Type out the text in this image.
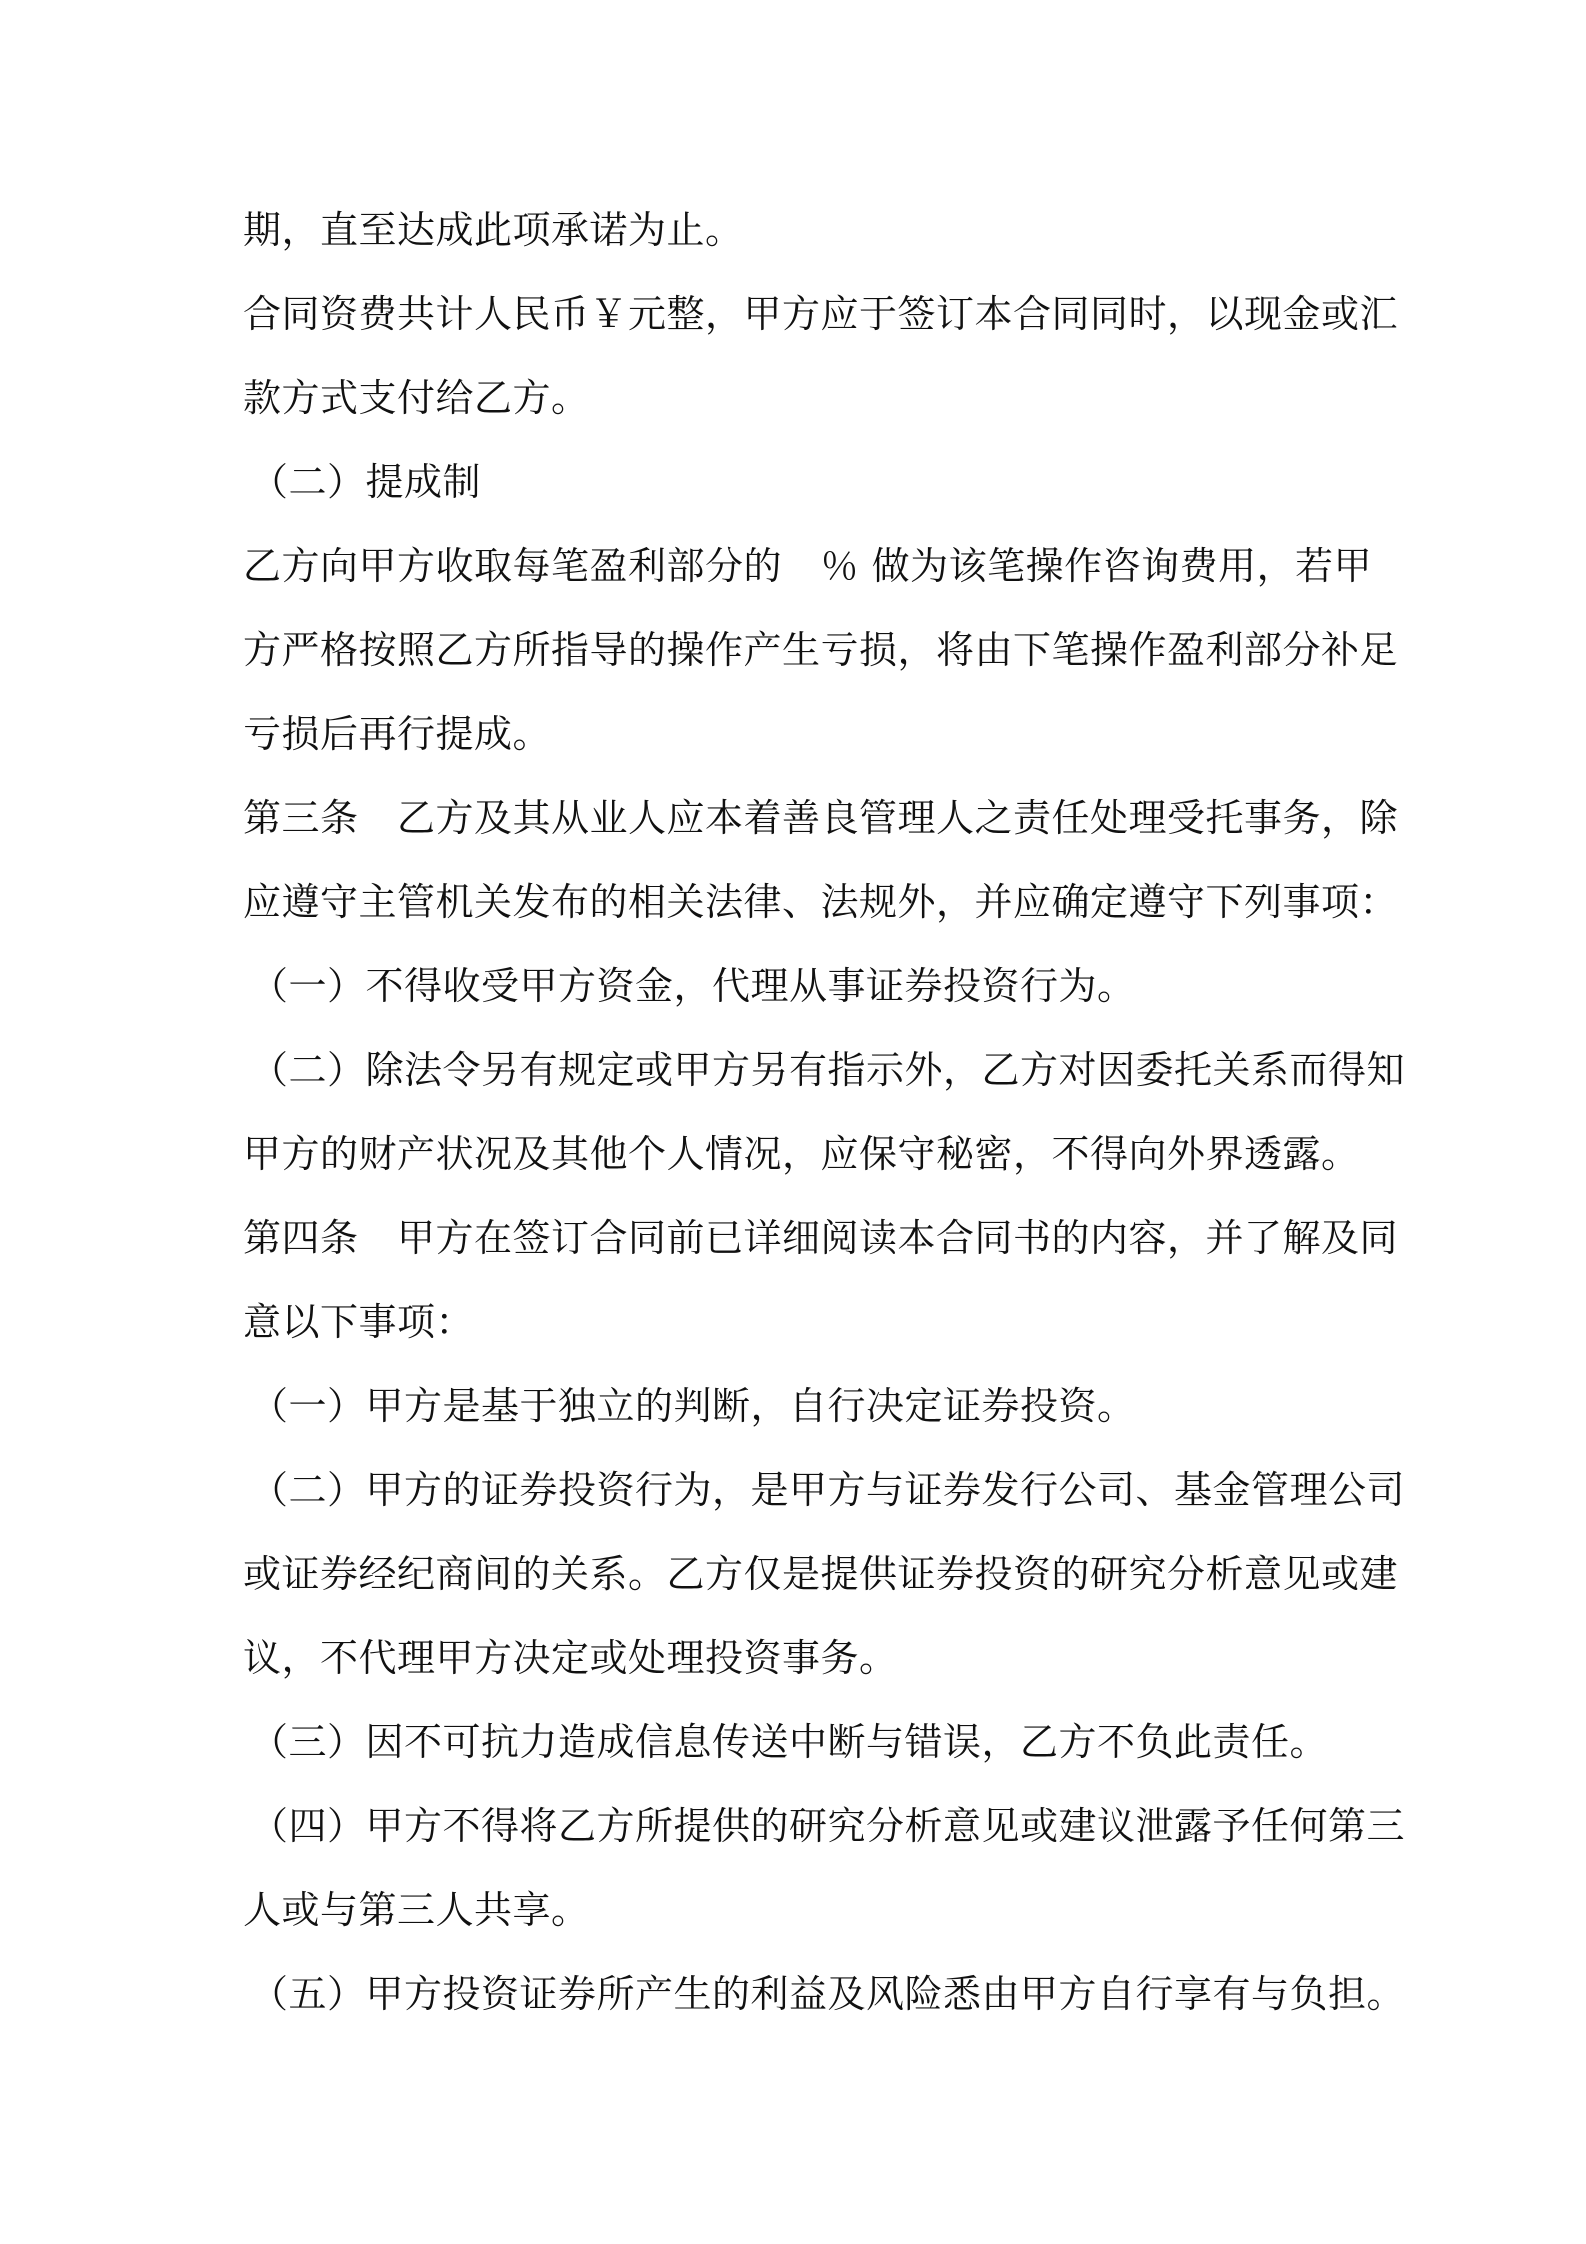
期，直至达成此项承诺为止。
合同资费共计人民币￥元整，甲方应于签订本合同同时，以现金或汇
款方式支付给乙方。
（二）提成制
乙方向甲方收取每笔盈利部分的　％ 做为该笔操作咨询费用，若甲
方严格按照乙方所指导的操作产生亏损，将由下笔操作盈利部分补足
亏损后再行提成。
第三条　乙方及其从业人应本着善良管理人之责任处理受托事务，除
应遵守主管机关发布的相关法律、法规外，并应确定遵守下列事项：
（一）不得收受甲方资金，代理从事证券投资行为。
（二）除法令另有规定或甲方另有指示外，乙方对因委托关系而得知
甲方的财产状况及其他个人情况，应保守秘密，不得向外界透露。
第四条　甲方在签订合同前已详细阅读本合同书的内容，并了解及同
意以下事项：
（一）甲方是基于独立的判断，自行决定证券投资。
（二）甲方的证券投资行为，是甲方与证券发行公司、基金管理公司
或证券经纪商间的关系。乙方仅是提供证券投资的研究分析意见或建
议，不代理甲方决定或处理投资事务。
（三）因不可抗力造成信息传送中断与错误，乙方不负此责任。
（四）甲方不得将乙方所提供的研究分析意见或建议泄露予任何第三
人或与第三人共享。
（五）甲方投资证券所产生的利益及风险悉由甲方自行享有与负担。
